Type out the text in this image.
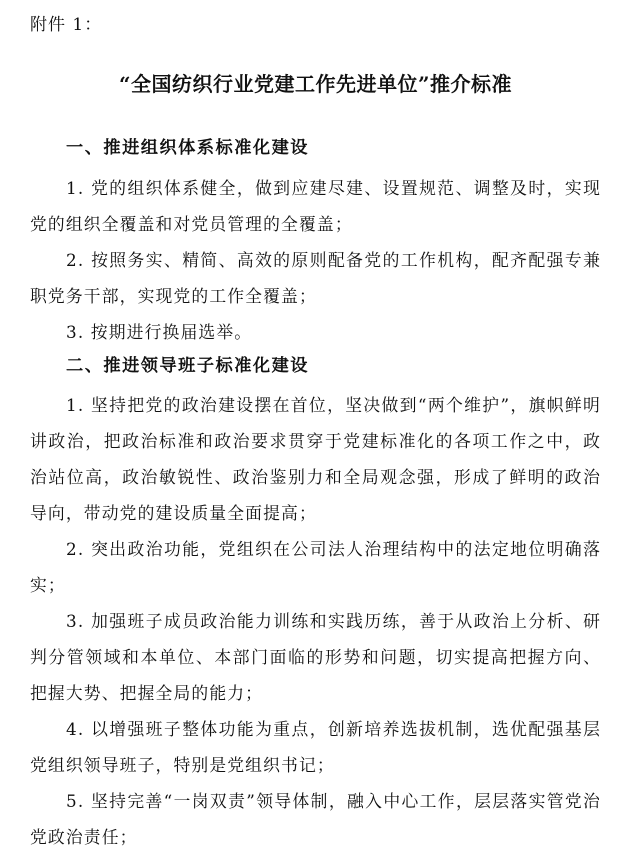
附件 1：
“全国纺织行业党建工作先进单位”推介标准
一、推进组织体系标准化建设
1. 党的组织体系健全，做到应建尽建、设置规范、调整及时，实现党的组织全覆盖和对党员管理的全覆盖；
2. 按照务实、精简、高效的原则配备党的工作机构，配齐配强专兼职党务干部，实现党的工作全覆盖；
3. 按期进行换届选举。
二、推进领导班子标准化建设
1. 坚持把党的政治建设摆在首位，坚决做到“两个维护”，旗帜鲜明讲政治，把政治标准和政治要求贯穿于党建标准化的各项工作之中，政治站位高，政治敏锐性、政治鉴别力和全局观念强，形成了鲜明的政治导向，带动党的建设质量全面提高；
2. 突出政治功能，党组织在公司法人治理结构中的法定地位明确落实；
3. 加强班子成员政治能力训练和实践历练，善于从政治上分析、研判分管领域和本单位、本部门面临的形势和问题，切实提高把握方向、把握大势、把握全局的能力；
4. 以增强班子整体功能为重点，创新培养选拔机制，选优配强基层党组织领导班子，特别是党组织书记；
5. 坚持完善“一岗双责”领导体制，融入中心工作，层层落实管党治党政治责任；
